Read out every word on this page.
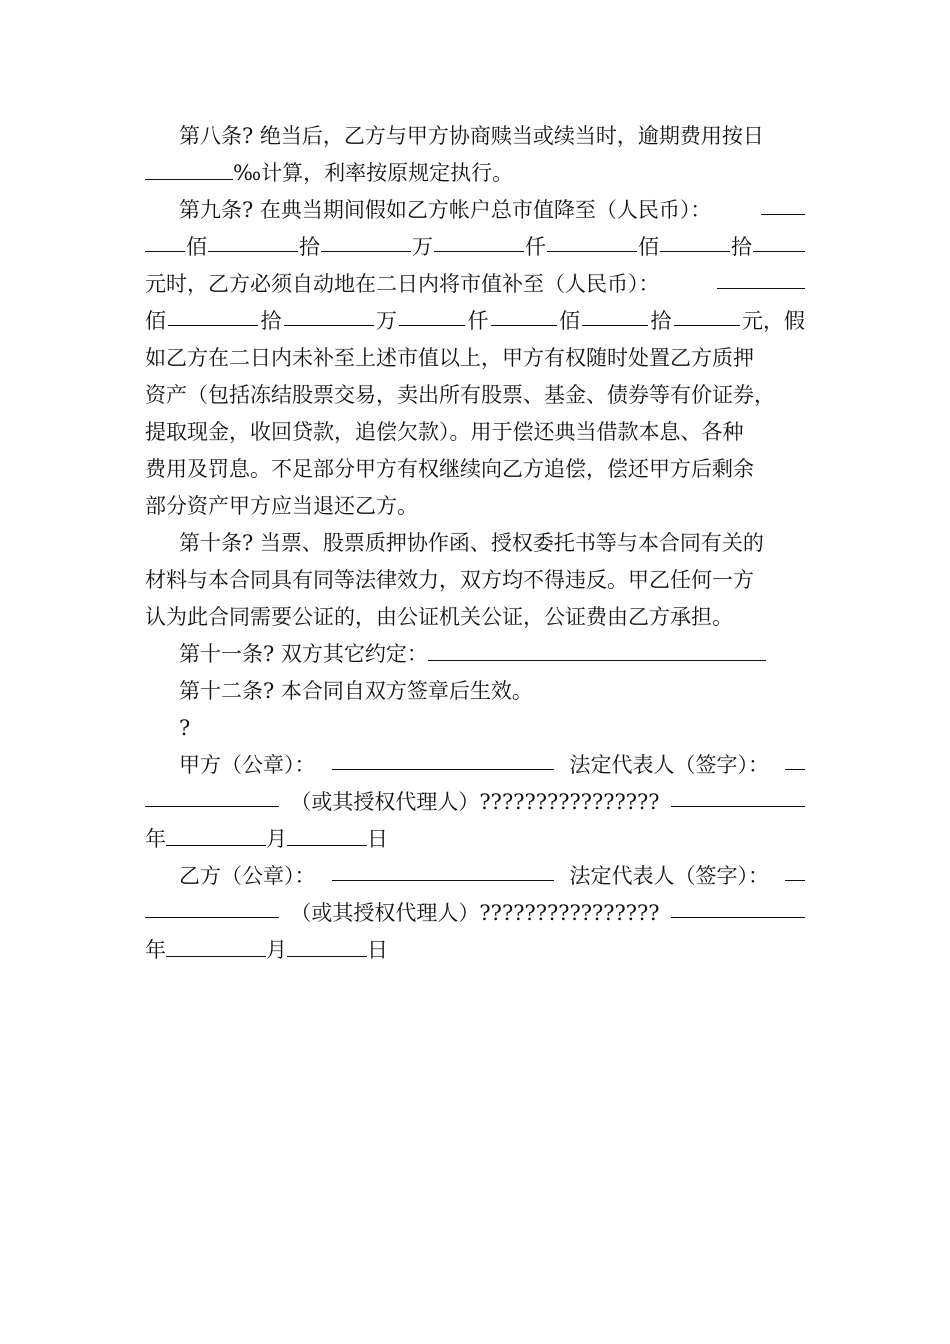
第八条? 绝当后，乙方与甲方协商赎当或续当时，逾期费用按日
‰计算，利率按原规定执行。
第九条? 在典当期间假如乙方帐户总市值降至（人民币）：
佰	拾	万	仟	佰	拾
元时，乙方必须自动地在二日内将市值补至（人民币）：
佰	拾	万	仟	佰	拾	元，假
如乙方在二日内未补至上述市值以上，甲方有权随时处置乙方质押
资产（包括冻结股票交易，卖出所有股票、基金、债券等有价证券，
提取现金，收回贷款，追偿欠款）。用于偿还典当借款本息、各种
费用及罚息。不足部分甲方有权继续向乙方追偿，偿还甲方后剩余
部分资产甲方应当退还乙方。
第十条? 当票、股票质押协作函、授权委托书等与本合同有关的
材料与本合同具有同等法律效力，双方均不得违反。甲乙任何一方
认为此合同需要公证的，由公证机关公证，公证费由乙方承担。
第十一条? 双方其它约定：
第十二条? 本合同自双方签章后生效。
?
甲方（公章）：	法定代表人（签字）：
（或其授权代理人）????????????????
年	月	日
乙方（公章）：	法定代表人（签字）：
（或其授权代理人）????????????????
年	月	日
